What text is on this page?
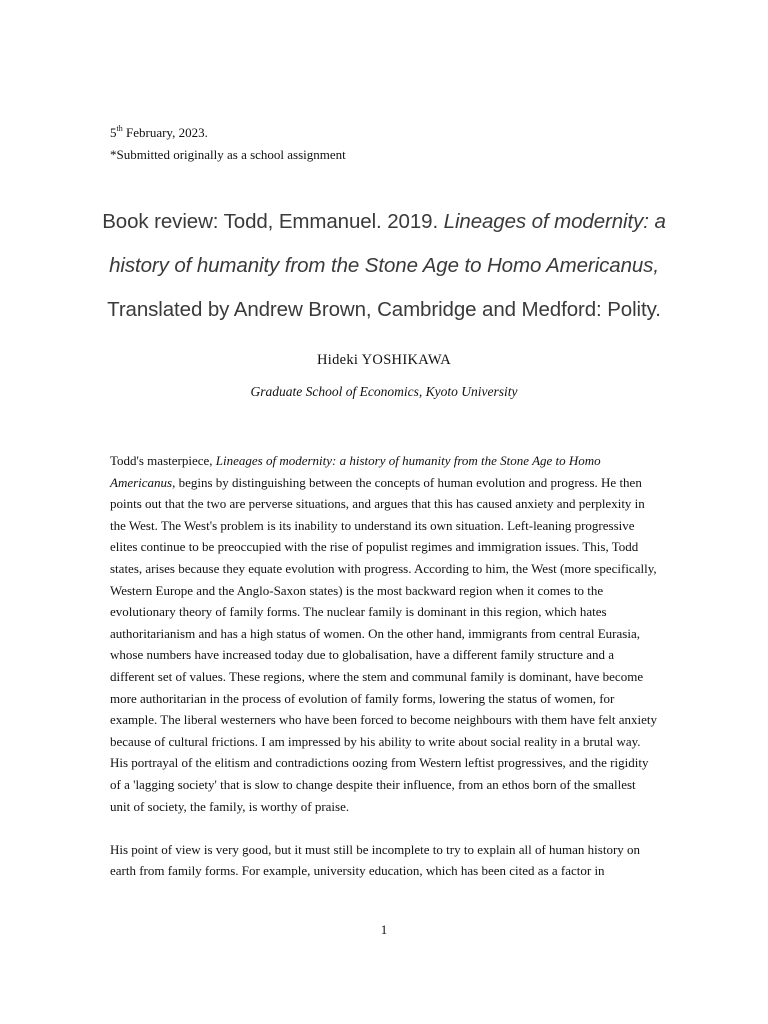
5th February, 2023.
*Submitted originally as a school assignment
Book review: Todd, Emmanuel. 2019. Lineages of modernity: a
history of humanity from the Stone Age to Homo Americanus,
Translated by Andrew Brown, Cambridge and Medford: Polity.
Hideki YOSHIKAWA
Graduate School of Economics, Kyoto University

Todd's masterpiece, Lineages of modernity: a history of humanity from the Stone Age to Homo Americanus, begins by distinguishing between the concepts of human evolution and progress. He then points out that the two are perverse situations, and argues that this has caused anxiety and perplexity in the West. The West's problem is its inability to understand its own situation. Left-leaning progressive elites continue to be preoccupied with the rise of populist regimes and immigration issues. This, Todd states, arises because they equate evolution with progress. According to him, the West (more specifically, Western Europe and the Anglo-Saxon states) is the most backward region when it comes to the evolutionary theory of family forms. The nuclear family is dominant in this region, which hates authoritarianism and has a high status of women. On the other hand, immigrants from central Eurasia, whose numbers have increased today due to globalisation, have a different family structure and a different set of values. These regions, where the stem and communal family is dominant, have become more authoritarian in the process of evolution of family forms, lowering the status of women, for example. The liberal westerners who have been forced to become neighbours with them have felt anxiety because of cultural frictions. I am impressed by his ability to write about social reality in a brutal way. His portrayal of the elitism and contradictions oozing from Western leftist progressives, and the rigidity of a 'lagging society' that is slow to change despite their influence, from an ethos born of the smallest unit of society, the family, is worthy of praise.

His point of view is very good, but it must still be incomplete to try to explain all of human history on earth from family forms. For example, university education, which has been cited as a factor in

1
